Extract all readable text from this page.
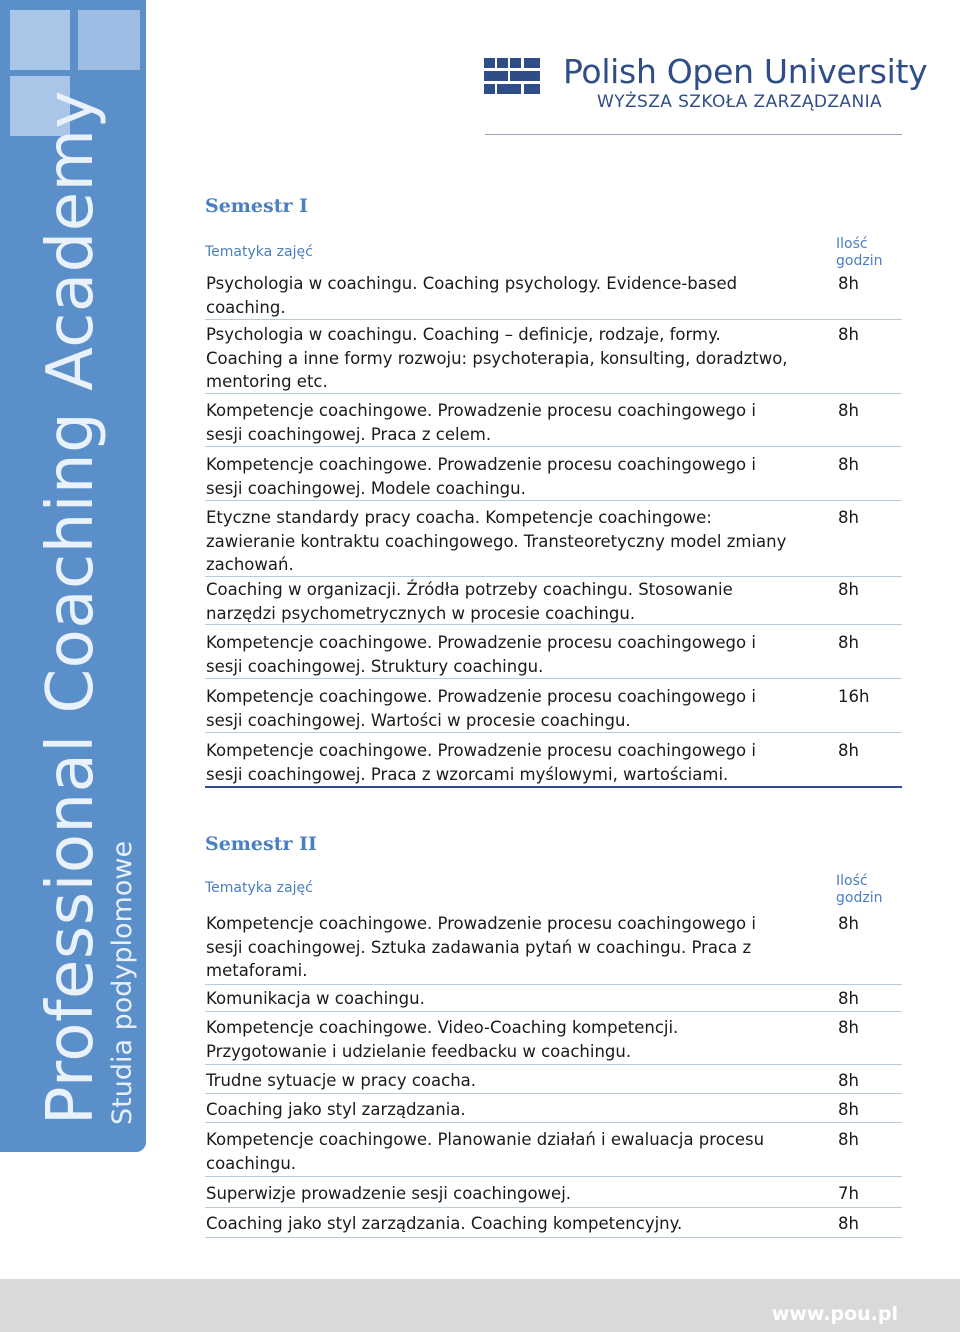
Studia podyplomowe
Professional Coaching Academy
Polish Open University
WYŻSZA SZKOŁA ZARZĄDZANIA
Semestr I
Tematyka zajęć	Ilość
godzin
Psychologia w coachingu. Coaching psychology. Evidence-based coaching.
8h
Psychologia w coachingu. Coaching – definicje, rodzaje, formy. Coaching a inne formy rozwoju: psychoterapia, konsulting, doradztwo, mentoring etc.
8h
Kompetencje coachingowe. Prowadzenie procesu coachingowego i sesji coachingowej. Praca z celem.
8h
Kompetencje coachingowe. Prowadzenie procesu coachingowego i sesji coachingowej. Modele coachingu.
8h
Etyczne standardy pracy coacha. Kompetencje coachingowe: zawieranie kontraktu coachingowego. Transteoretyczny model zmiany zachowań.
8h
Coaching w organizacji. Źródła potrzeby coachingu. Stosowanie narzędzi psychometrycznych w procesie coachingu.
8h
Kompetencje coachingowe. Prowadzenie procesu coachingowego i sesji coachingowej. Struktury coachingu.
8h
Kompetencje coachingowe. Prowadzenie procesu coachingowego i sesji coachingowej. Wartości w procesie coachingu.
16h
Kompetencje coachingowe. Prowadzenie procesu coachingowego i sesji coachingowej. Praca z wzorcami myślowymi, wartościami.
8h
Semestr II
Tematyka zajęć	Ilość
godzin
Kompetencje coachingowe. Prowadzenie procesu coachingowego i sesji coachingowej. Sztuka zadawania pytań w coachingu. Praca z metaforami.
8h
Komunikacja w coachingu.	8h
Kompetencje coachingowe. Video-Coaching kompetencji. Przygotowanie i udzielanie feedbacku w coachingu.
8h
Trudne sytuacje w pracy coacha.	8h
Coaching jako styl zarządzania.	8h
Kompetencje coachingowe. Planowanie działań i ewaluacja procesu coachingu.
8h
Superwizje prowadzenie sesji coachingowej.	7h
Coaching jako styl zarządzania. Coaching kompetencyjny.	8h
www.pou.pl
